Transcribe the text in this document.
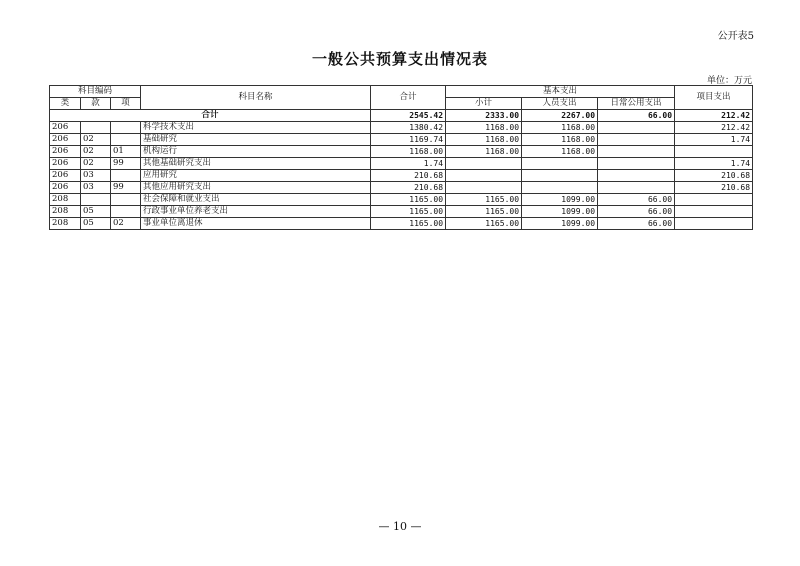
公开表5
一般公共预算支出情况表
单位：万元
科目编码			科目名称	合计	基本支出			项目支出
类	款	项			小计	人员支出	日常公用支出	
合计				2545.42	2333.00	2267.00	66.00	212.42
206			科学技术支出	1380.42	1168.00	1168.00		212.42
206	02		基础研究	1169.74	1168.00	1168.00		1.74
206	02	01	机构运行	1168.00	1168.00	1168.00		
206	02	99	其他基础研究支出	1.74				1.74
206	03		应用研究	210.68				210.68
206	03	99	其他应用研究支出	210.68				210.68
208			社会保障和就业支出	1165.00	1165.00	1099.00	66.00	
208	05		行政事业单位养老支出	1165.00	1165.00	1099.00	66.00	
208	05	02	事业单位离退休	1165.00	1165.00	1099.00	66.00	
— 10 —
